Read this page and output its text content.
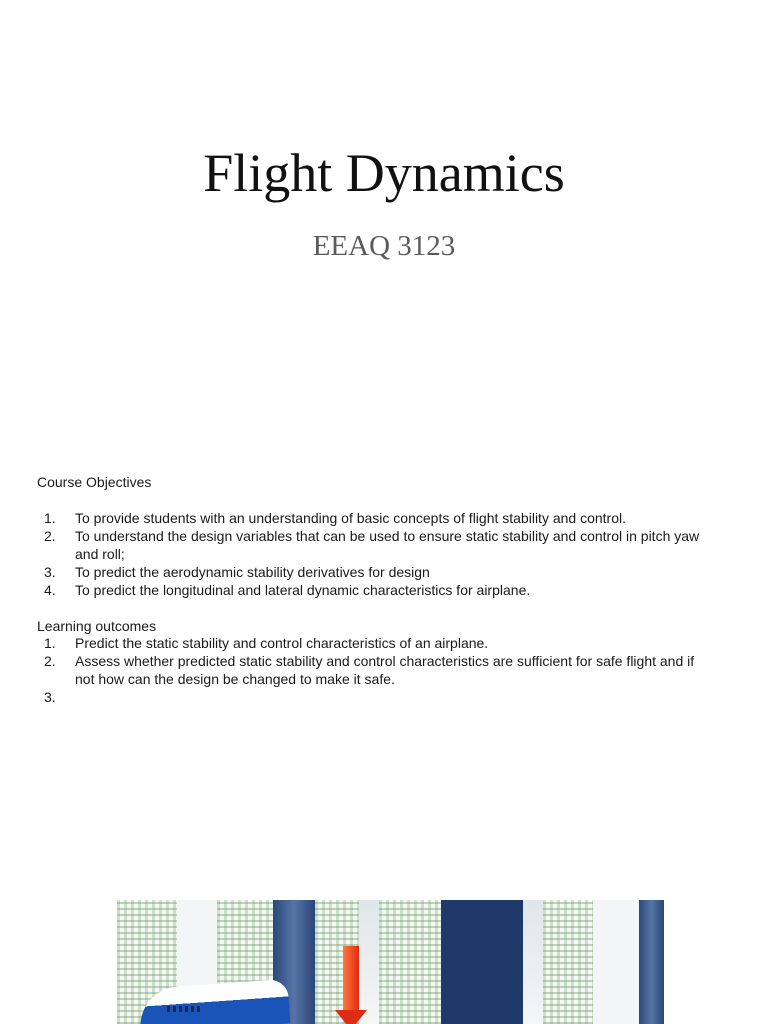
Flight Dynamics
EEAQ 3123
Course Objectives
1.	To provide students with an understanding of basic concepts of flight stability and control.
2.	To understand the design variables that can be used to ensure static stability and control in pitch yaw and roll;
3.	To predict the aerodynamic stability derivatives for design
4.	To predict the longitudinal and lateral dynamic characteristics for airplane.
Learning outcomes
1.	Predict the static stability and control characteristics of an airplane.
2.	Assess whether predicted static stability and control characteristics are sufficient for safe flight and if not how can the design be changed to make it safe.
3.
